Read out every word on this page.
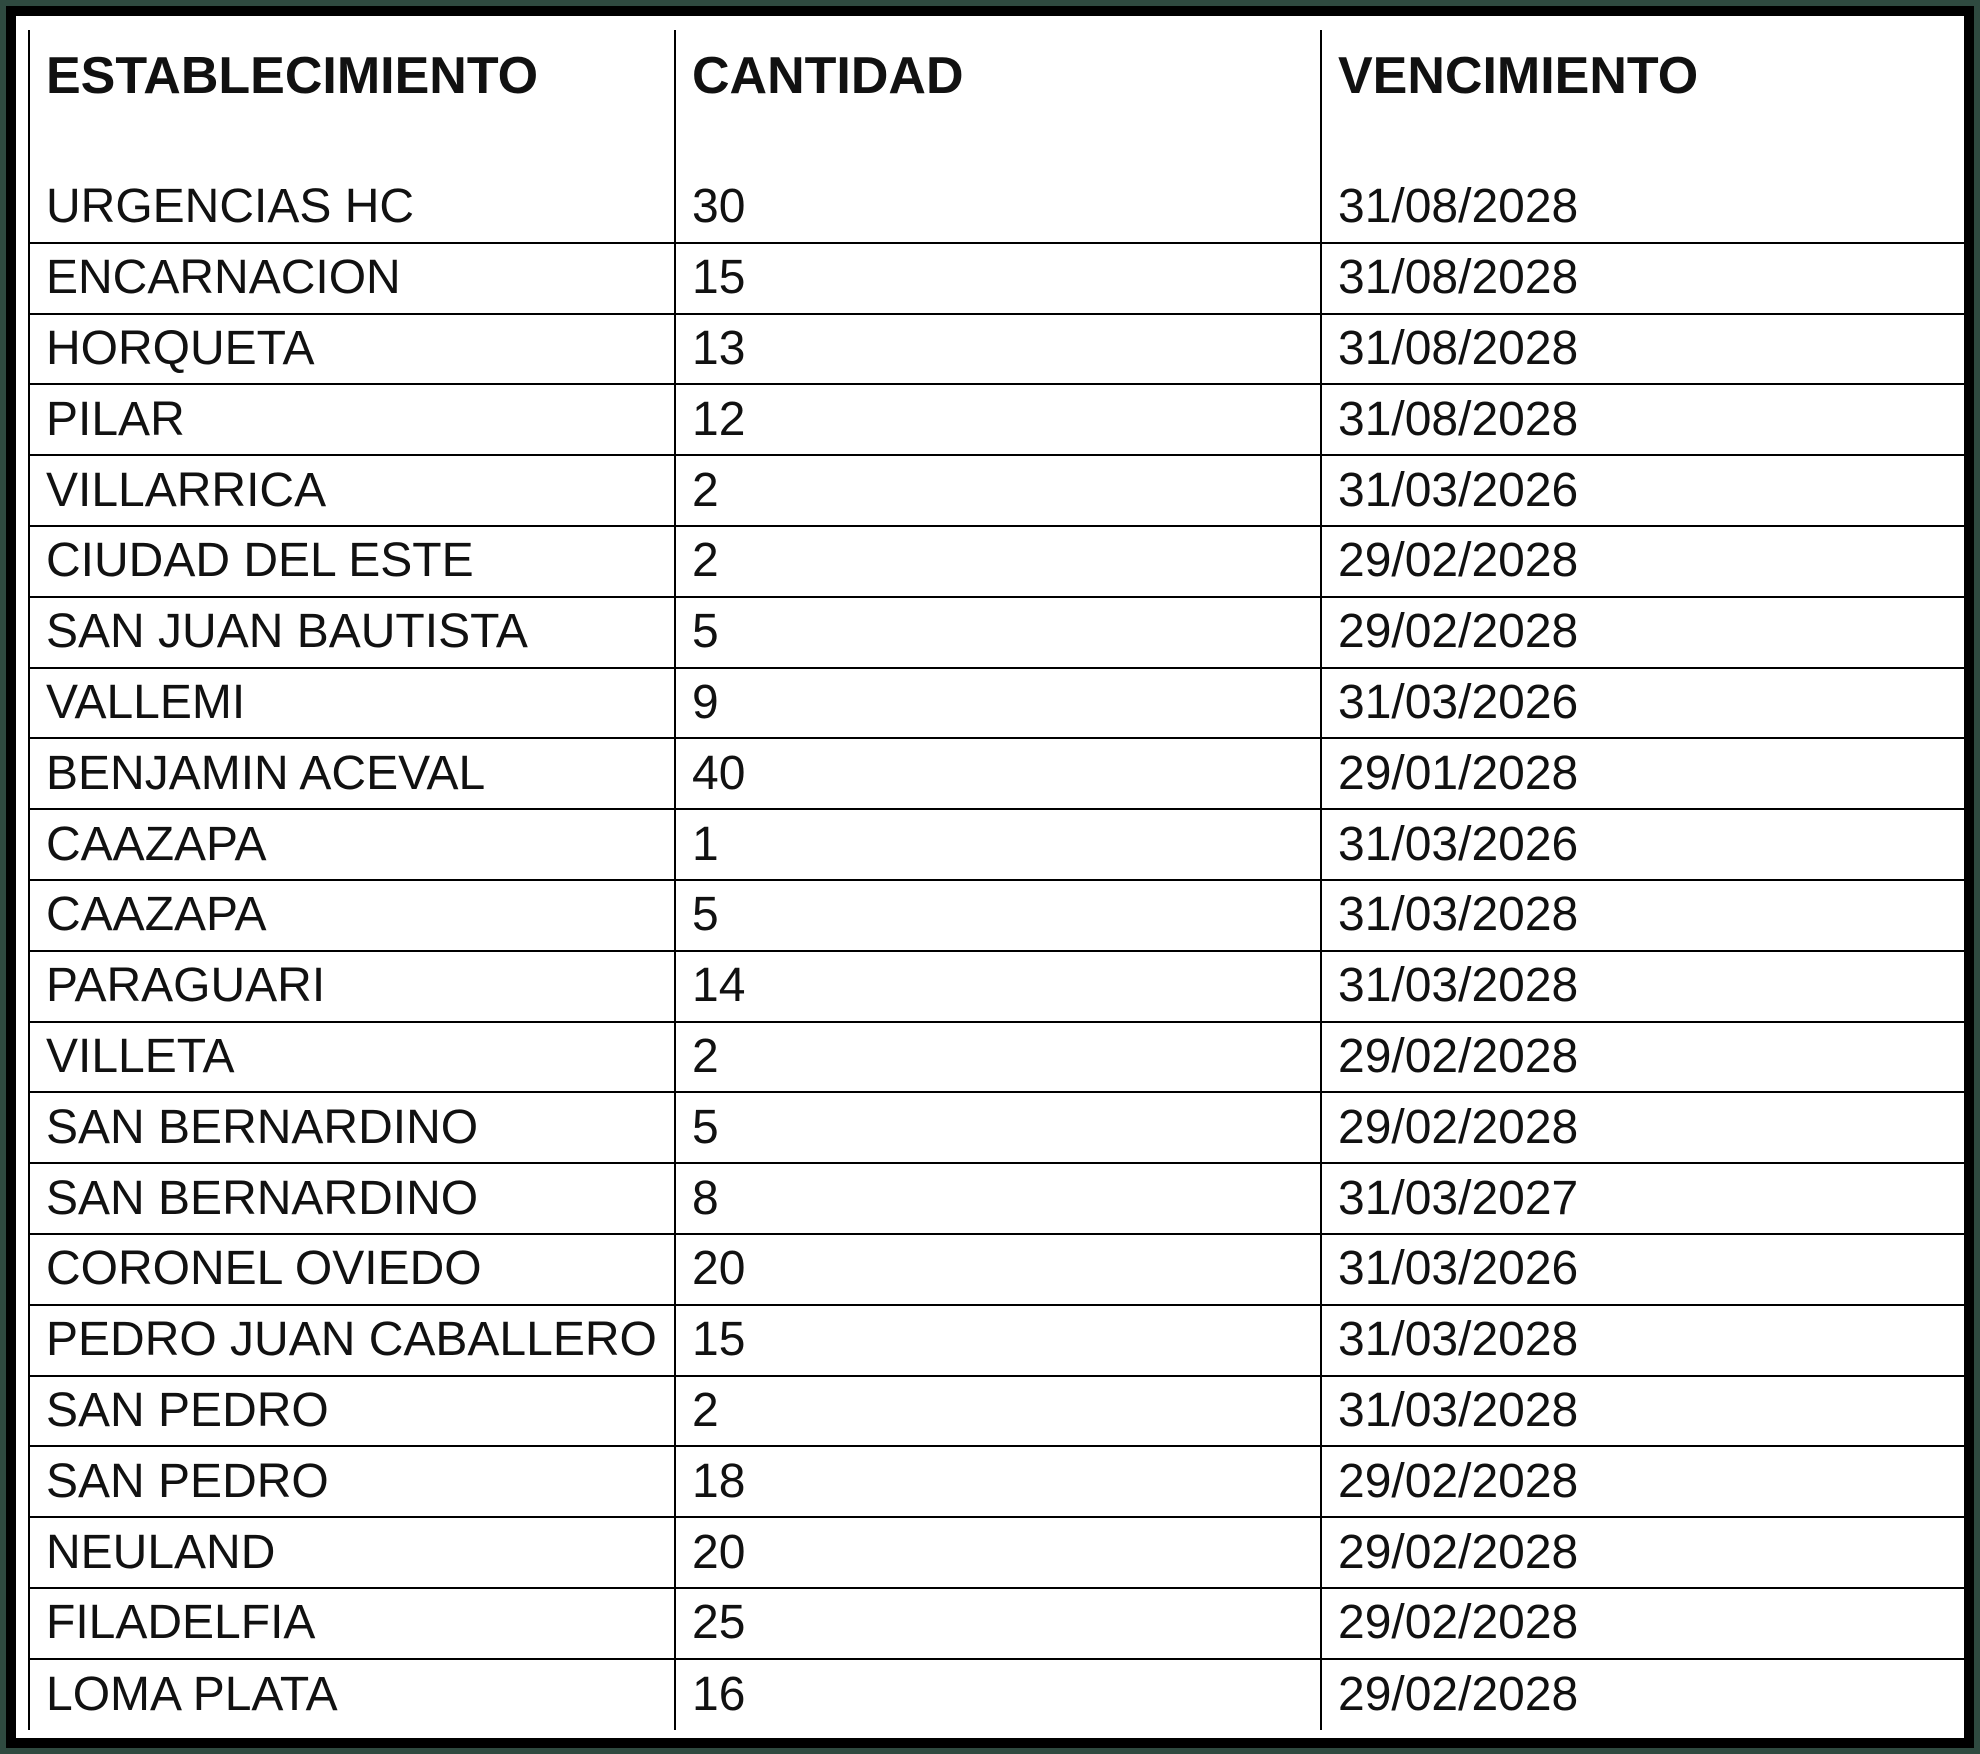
ESTABLECIMIENTO	CANTIDAD	VENCIMIENTO
URGENCIAS HC	30	31/08/2028
ENCARNACION	15	31/08/2028
HORQUETA	13	31/08/2028
PILAR	12	31/08/2028
VILLARRICA	2	31/03/2026
CIUDAD DEL ESTE	2	29/02/2028
SAN JUAN BAUTISTA	5	29/02/2028
VALLEMI	9	31/03/2026
BENJAMIN ACEVAL	40	29/01/2028
CAAZAPA	1	31/03/2026
CAAZAPA	5	31/03/2028
PARAGUARI	14	31/03/2028
VILLETA	2	29/02/2028
SAN BERNARDINO	5	29/02/2028
SAN BERNARDINO	8	31/03/2027
CORONEL OVIEDO	20	31/03/2026
PEDRO JUAN CABALLERO	15	31/03/2028
SAN PEDRO	2	31/03/2028
SAN PEDRO	18	29/02/2028
NEULAND	20	29/02/2028
FILADELFIA	25	29/02/2028
LOMA PLATA	16	29/02/2028
